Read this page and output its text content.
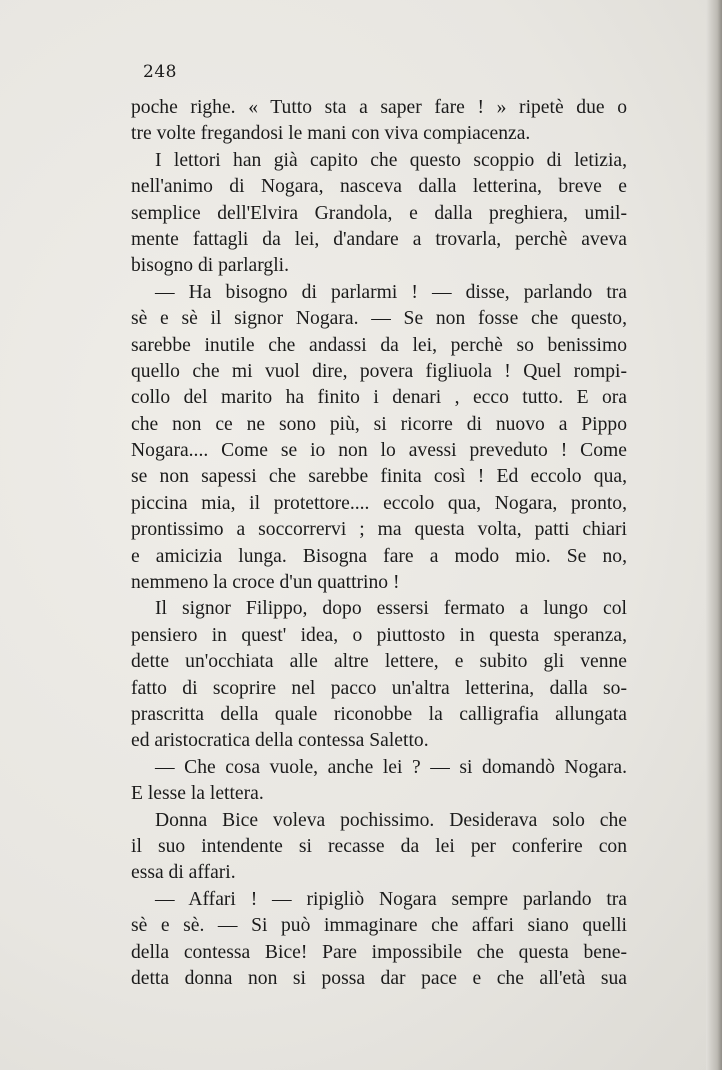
248
poche righe. « Tutto sta a saper fare ! » ripetè due o
tre volte fregandosi le mani con viva compiacenza.
I lettori han già capito che questo scoppio di letizia,
nell'animo di Nogara, nasceva dalla letterina, breve e
semplice dell'Elvira Grandola, e dalla preghiera, umil-
mente fattagli da lei, d'andare a trovarla, perchè aveva
bisogno di parlargli.
— Ha bisogno di parlarmi ! — disse, parlando tra
sè e sè il signor Nogara. — Se non fosse che questo,
sarebbe inutile che andassi da lei, perchè so benissimo
quello che mi vuol dire, povera figliuola ! Quel rompi-
collo del marito ha finito i denari , ecco tutto. E ora
che non ce ne sono più, si ricorre di nuovo a Pippo
Nogara.... Come se io non lo avessi preveduto ! Come
se non sapessi che sarebbe finita così ! Ed eccolo qua,
piccina mia, il protettore.... eccolo qua, Nogara, pronto,
prontissimo a soccorrervi ; ma questa volta, patti chiari
e amicizia lunga. Bisogna fare a modo mio. Se no,
nemmeno la croce d'un quattrino !
Il signor Filippo, dopo essersi fermato a lungo col
pensiero in quest' idea, o piuttosto in questa speranza,
dette un'occhiata alle altre lettere, e subito gli venne
fatto di scoprire nel pacco un'altra letterina, dalla so-
prascritta della quale riconobbe la calligrafia allungata
ed aristocratica della contessa Saletto.
— Che cosa vuole, anche lei ? — si domandò Nogara.
E lesse la lettera.
Donna Bice voleva pochissimo. Desiderava solo che
il suo intendente si recasse da lei per conferire con
essa di affari.
— Affari ! — ripigliò Nogara sempre parlando tra
sè e sè. — Si può immaginare che affari siano quelli
della contessa Bice! Pare impossibile che questa bene-
detta donna non si possa dar pace e che all'età sua
